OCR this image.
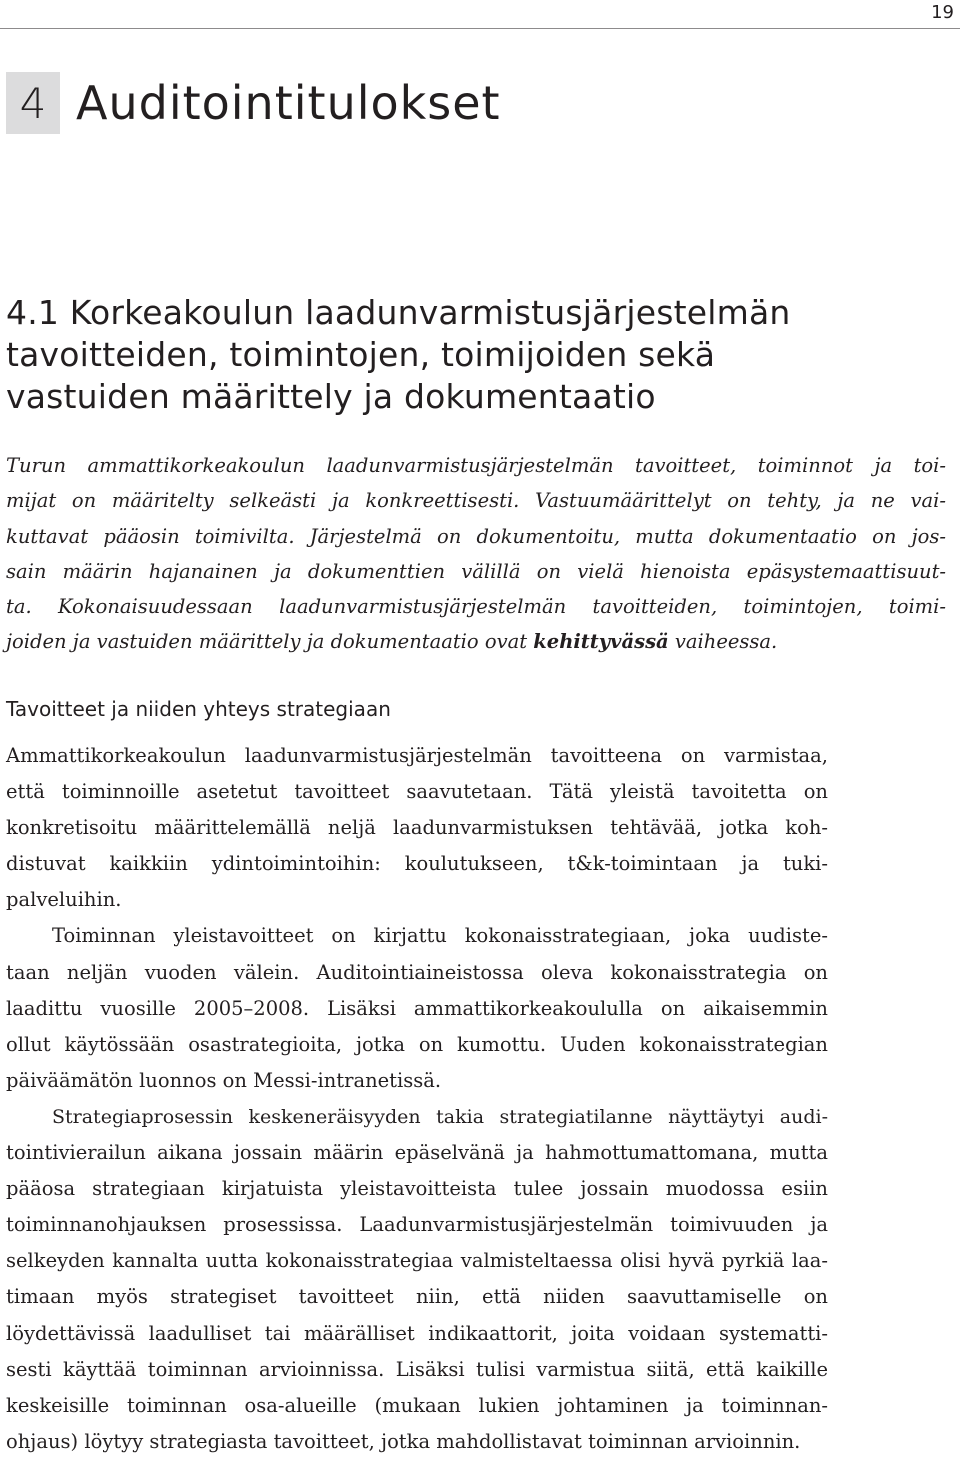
19
4 Auditointitulokset
4.1 Korkeakoulun laadunvarmistusjärjestelmän
tavoitteiden, toimintojen, toimijoiden sekä
vastuiden määrittely ja dokumentaatio
Turun ammattikorkeakoulun laadunvarmistusjärjestelmän tavoitteet, toiminnot ja toi-
mijat on määritelty selkeästi ja konkreettisesti. Vastuumäärittelyt on tehty, ja ne vai-
kuttavat pääosin toimivilta. Järjestelmä on dokumentoitu, mutta dokumentaatio on jos-
sain määrin hajanainen ja dokumenttien välillä on vielä hienoista epäsystemaattisuut-
ta. Kokonaisuudessaan laadunvarmistusjärjestelmän tavoitteiden, toimintojen, toimi-
joiden ja vastuiden määrittely ja dokumentaatio ovat kehittyvässä vaiheessa.
Tavoitteet ja niiden yhteys strategiaan
Ammattikorkeakoulun laadunvarmistusjärjestelmän tavoitteena on varmistaa,
että toiminnoille asetetut tavoitteet saavutetaan. Tätä yleistä tavoitetta on
konkretisoitu määrittelemällä neljä laadunvarmistuksen tehtävää, jotka koh-
distuvat kaikkiin ydintoimintoihin: koulutukseen, t&k-toimintaan ja tuki-
palveluihin.
Toiminnan yleistavoitteet on kirjattu kokonaisstrategiaan, joka uudiste-
taan neljän vuoden välein. Auditointiaineistossa oleva kokonaisstrategia on
laadittu vuosille 2005–2008. Lisäksi ammattikorkeakoululla on aikaisemmin
ollut käytössään osastrategioita, jotka on kumottu. Uuden kokonaisstrategian
päiväämätön luonnos on Messi-intranetissä.
Strategiaprosessin keskeneräisyyden takia strategiatilanne näyttäytyi audi-
tointivierailun aikana jossain määrin epäselvänä ja hahmottumattomana, mutta
pääosa strategiaan kirjatuista yleistavoitteista tulee jossain muodossa esiin
toiminnanohjauksen prosessissa. Laadunvarmistusjärjestelmän toimivuuden ja
selkeyden kannalta uutta kokonaisstrategiaa valmisteltaessa olisi hyvä pyrkiä laa-
timaan myös strategiset tavoitteet niin, että niiden saavuttamiselle on
löydettävissä laadulliset tai määrälliset indikaattorit, joita voidaan systematti-
sesti käyttää toiminnan arvioinnissa. Lisäksi tulisi varmistua siitä, että kaikille
keskeisille toiminnan osa-alueille (mukaan lukien johtaminen ja toiminnan-
ohjaus) löytyy strategiasta tavoitteet, jotka mahdollistavat toiminnan arvioinnin.
